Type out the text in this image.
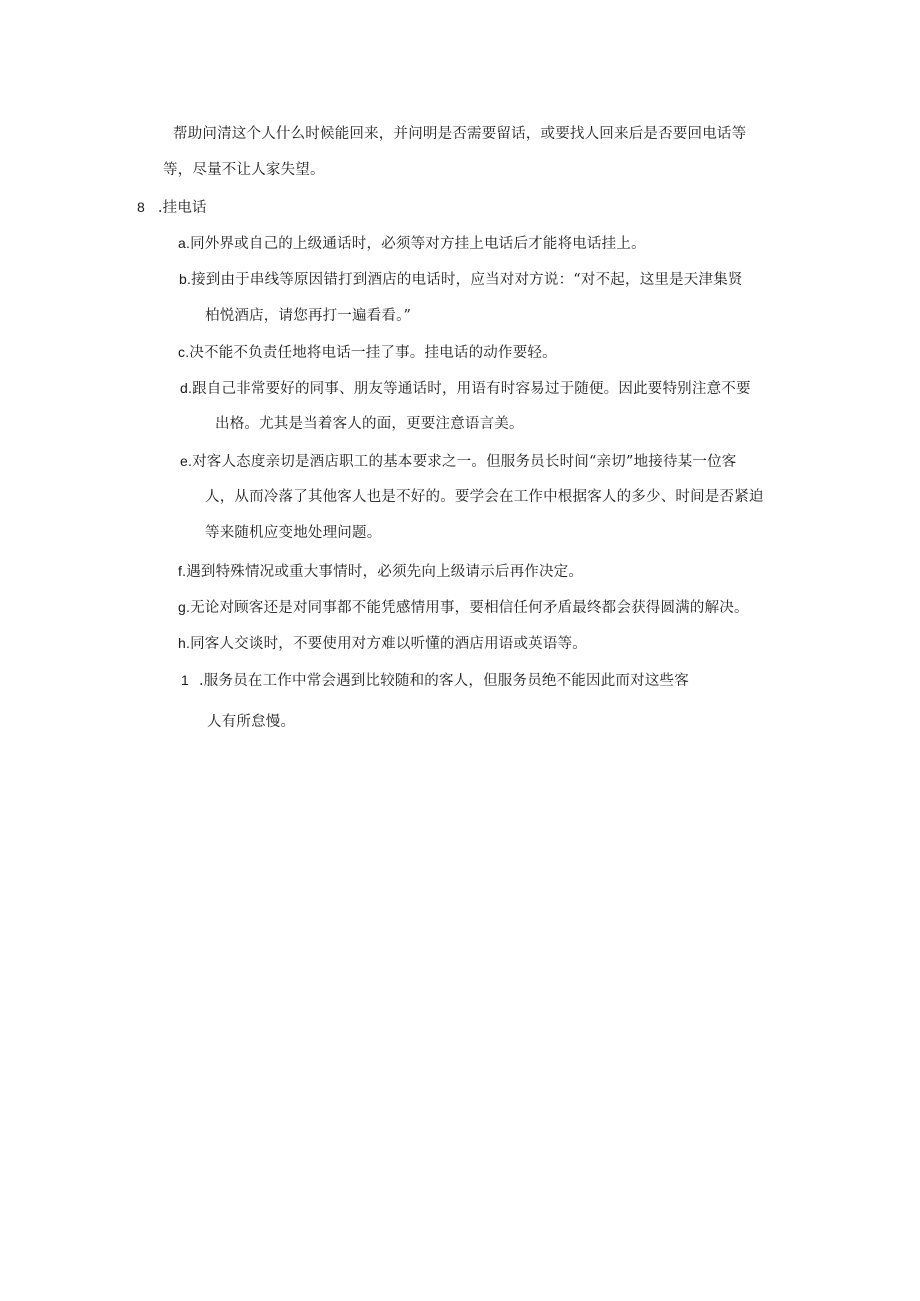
帮助问清这个人什么时候能回来，并问明是否需要留话，或要找人回来后是否要回电话等
等，尽量不让人家失望。
8 .挂电话
a.同外界或自己的上级通话时，必须等对方挂上电话后才能将电话挂上。
b.接到由于串线等原因错打到酒店的电话时，应当对对方说：“对不起，这里是天津集贤
柏悦酒店，请您再打一遍看看。”
c.决不能不负责任地将电话一挂了事。挂电话的动作要轻。
d.跟自己非常要好的同事、朋友等通话时，用语有时容易过于随便。因此要特别注意不要
出格。尤其是当着客人的面，更要注意语言美。
e.对客人态度亲切是酒店职工的基本要求之一。但服务员长时间“亲切”地接待某一位客
人，从而冷落了其他客人也是不好的。要学会在工作中根据客人的多少、时间是否紧迫
等来随机应变地处理问题。
f.遇到特殊情况或重大事情时，必须先向上级请示后再作决定。
g.无论对顾客还是对同事都不能凭感情用事，要相信任何矛盾最终都会获得圆满的解决。
h.同客人交谈时，不要使用对方难以听懂的酒店用语或英语等。
1 .服务员在工作中常会遇到比较随和的客人，但服务员绝不能因此而对这些客
人有所怠慢。
